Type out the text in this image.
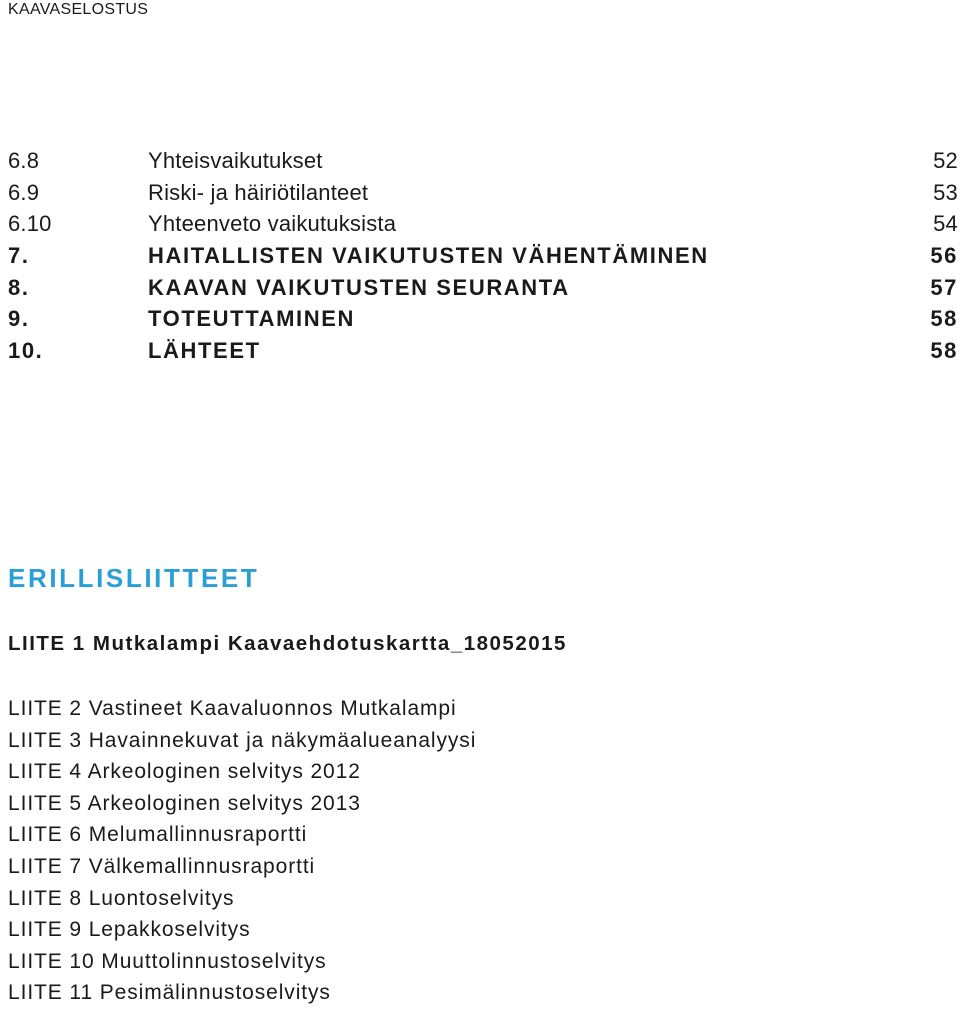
KAAVASELOSTUS
6.8	Yhteisvaikutukset	52
6.9	Riski- ja häiriötilanteet	53
6.10	Yhteenveto vaikutuksista	54
7.	HAITALLISTEN VAIKUTUSTEN VÄHENTÄMINEN	56
8.	KAAVAN VAIKUTUSTEN SEURANTA	57
9.	TOTEUTTAMINEN	58
10.	LÄHTEET	58
ERILLISLIITTEET
LIITE 1 Mutkalampi Kaavaehdotuskartta_18052015
LIITE 2 Vastineet Kaavaluonnos Mutkalampi
LIITE 3 Havainnekuvat ja näkymäalueanalyysi
LIITE 4 Arkeologinen selvitys 2012
LIITE 5 Arkeologinen selvitys 2013
LIITE 6 Melumallinnusraportti
LIITE 7 Välkemallinnusraportti
LIITE 8 Luontoselvitys
LIITE 9 Lepakkoselvitys
LIITE 10 Muuttolinnustoselvitys
LIITE 11 Pesimälinnustoselvitys
